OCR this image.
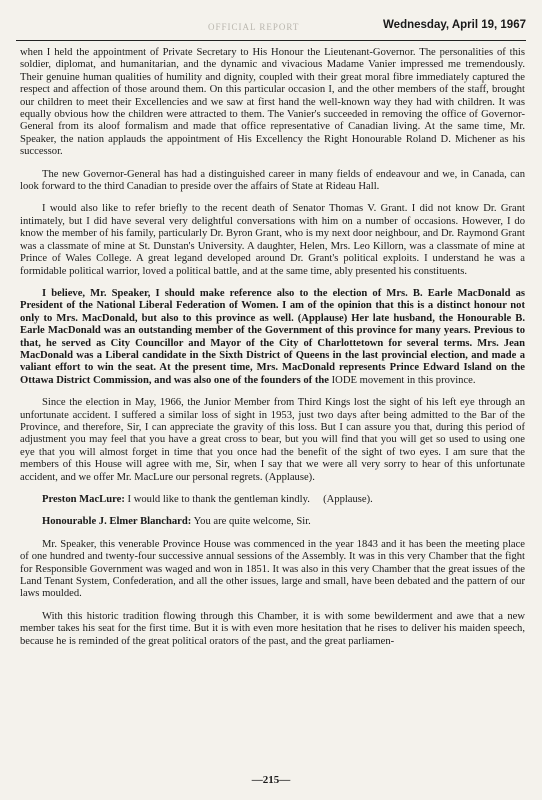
OFFICIAL REPORT	Wednesday, April 19, 1967

when I held the appointment of Private Secretary to His Honour the Lieutenant-Governor. The personalities of this soldier, diplomat, and humanitarian, and the dynamic and vivacious Madame Vanier impressed me tremendously. Their genuine human qualities of humility and dignity, coupled with their great moral fibre immediately captured the respect and affection of those around them. On this particular occasion I, and the other members of the staff, brought our children to meet their Excellencies and we saw at first hand the well-known way they had with children. It was equally obvious how the children were attracted to them. The Vanier's succeeded in removing the office of Governor-General from its aloof formalism and made that office representative of Canadian living. At the same time, Mr. Speaker, the nation applauds the appointment of His Excellency the Right Honourable Roland D. Michener as his successor.

The new Governor-General has had a distinguished career in many fields of endeavour and we, in Canada, can look forward to the third Canadian to preside over the affairs of State at Rideau Hall.

I would also like to refer briefly to the recent death of Senator Thomas V. Grant. I did not know Dr. Grant intimately, but I did have several very delightful conversations with him on a number of occasions. However, I do know the member of his family, particularly Dr. Byron Grant, who is my next door neighbour, and Dr. Raymond Grant was a classmate of mine at St. Dunstan's University. A daughter, Helen, Mrs. Leo Killorn, was a classmate of mine at Prince of Wales College. A great legand developed around Dr. Grant's political exploits. I understand he was a formidable political warrior, loved a political battle, and at the same time, ably presented his constituents.

I believe, Mr. Speaker, I should make reference also to the election of Mrs. B. Earle MacDonald as President of the National Liberal Federation of Women. I am of the opinion that this is a distinct honour not only to Mrs. MacDonald, but also to this province as well. (Applause) Her late husband, the Honourable B. Earle MacDonald was an outstanding member of the Government of this province for many years. Previous to that, he served as City Councillor and Mayor of the City of Charlottetown for several terms. Mrs. Jean MacDonald was a Liberal candidate in the Sixth District of Queens in the last provincial election, and made a valiant effort to win the seat. At the present time, Mrs. MacDonald represents Prince Edward Island on the Ottawa District Commission, and was also one of the founders of the IODE movement in this province.

Since the election in May, 1966, the Junior Member from Third Kings lost the sight of his left eye through an unfortunate accident. I suffered a similar loss of sight in 1953, just two days after being admitted to the Bar of the Province, and therefore, Sir, I can appreciate the gravity of this loss. But I can assure you that, during this period of adjustment you may feel that you have a great cross to bear, but you will find that you will get so used to using one eye that you will almost forget in time that you once had the benefit of the sight of two eyes. I am sure that the members of this House will agree with me, Sir, when I say that we were all very sorry to hear of this unfortunate accident, and we offer Mr. MacLure our personal regrets. (Applause).

Preston MacLure: I would like to thank the gentleman kindly. (Applause).

Honourable J. Elmer Blanchard: You are quite welcome, Sir.

Mr. Speaker, this venerable Province House was commenced in the year 1843 and it has been the meeting place of one hundred and twenty-four successive annual sessions of the Assembly. It was in this very Chamber that the fight for Responsible Government was waged and won in 1851. It was also in this very Chamber that the great issues of the Land Tenant System, Confederation, and all the other issues, large and small, have been debated and the pattern of our laws moulded.

With this historic tradition flowing through this Chamber, it is with some bewilderment and awe that a new member takes his seat for the first time. But it is with even more hesitation that he rises to deliver his maiden speech, because he is reminded of the great political orators of the past, and the great parliamen-

—215—
